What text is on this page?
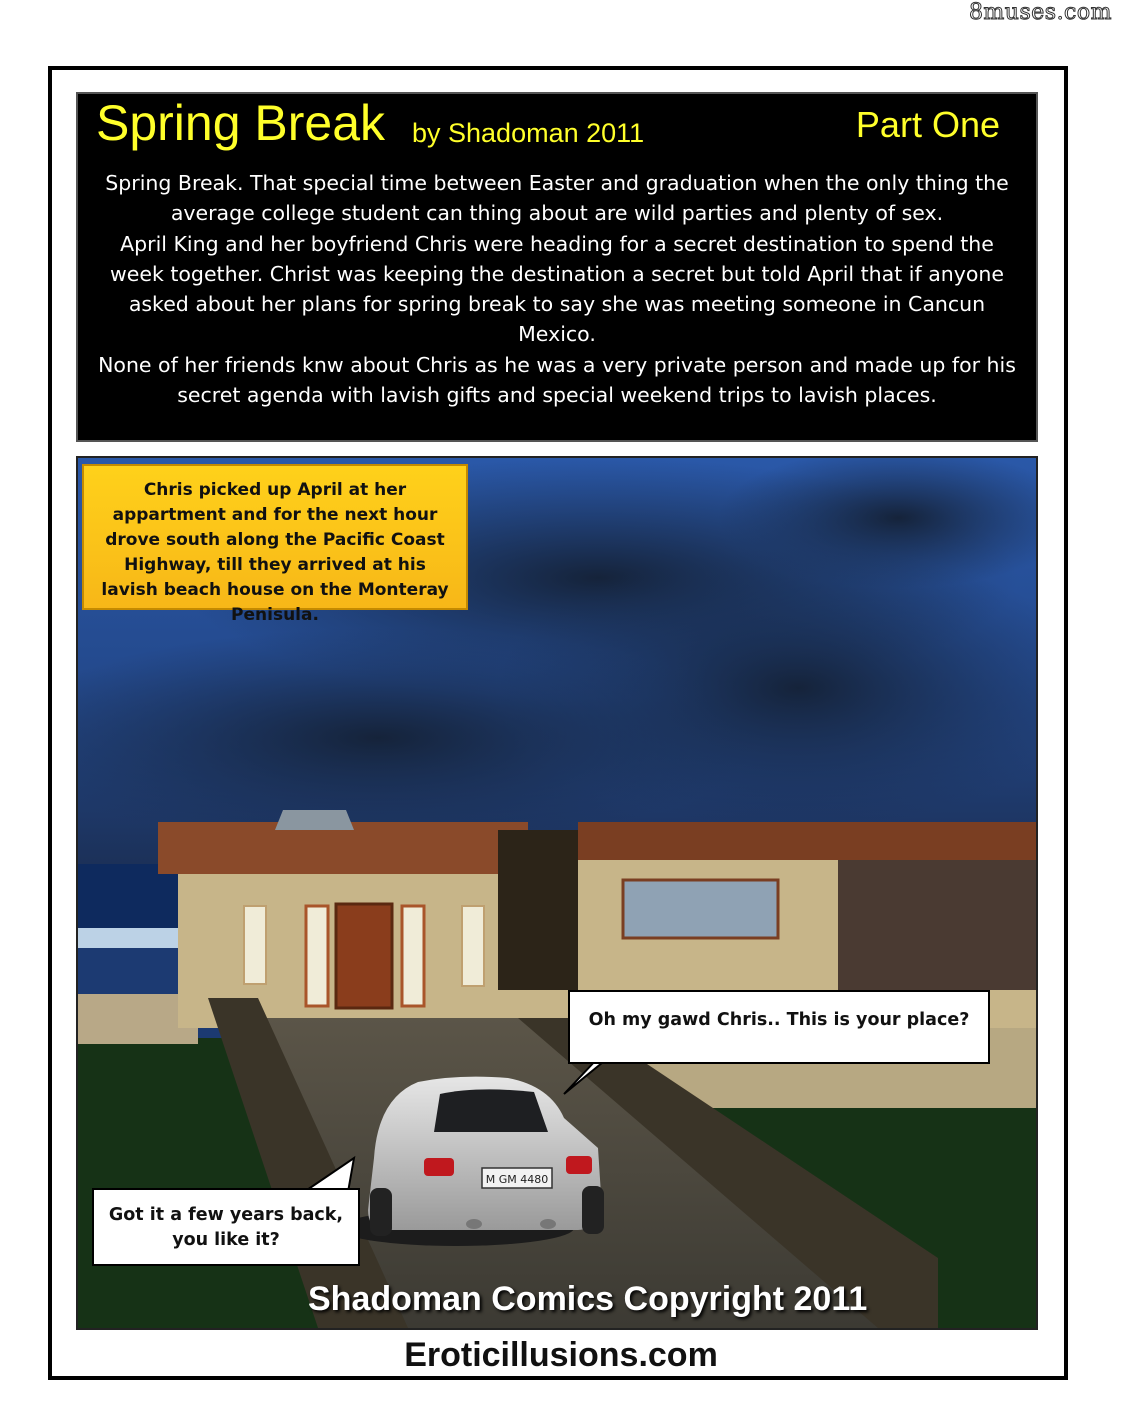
8muses.com
Spring Break by Shadoman 2011	Part One

Spring Break. That special time between Easter and graduation when the only thing the average college student can thing about are wild parties and plenty of sex.

April King and her boyfriend Chris were heading for a secret destination to spend the week together. Christ was keeping the destination a secret but told April that if anyone asked about her plans for spring break to say she was meeting someone in Cancun Mexico.

None of her friends knw about Chris as he was a very private person and made up for his secret agenda with lavish gifts and special weekend trips to lavish places.

M GM 4480
Chris picked up April at her appartment and for the next hour drove south along the Pacific Coast Highway, till they arrived at his lavish beach house on the Monteray Penisula.
Oh my gawd Chris.. This is your place?
Got it a few years back, you like it?
Shadoman Comics Copyright 2011
Eroticillusions.com
